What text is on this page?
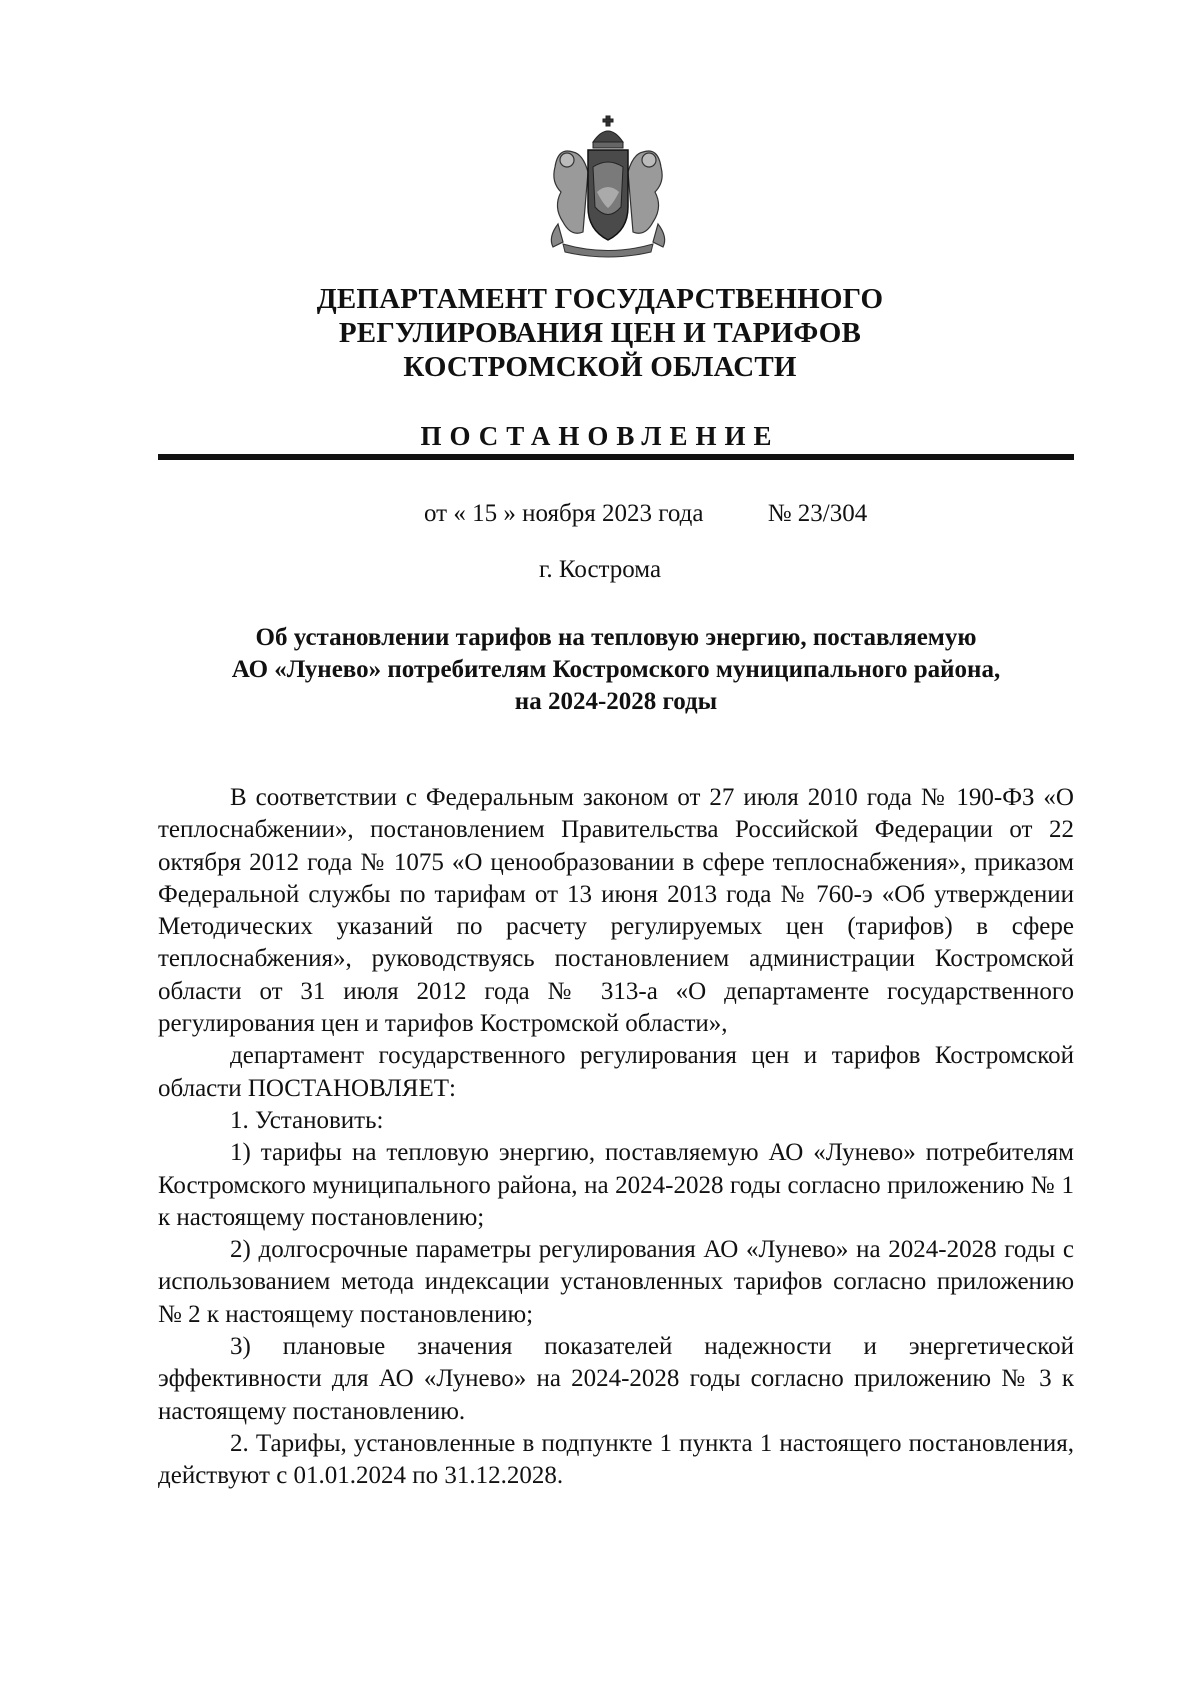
ДЕПАРТАМЕНТ ГОСУДАРСТВЕННОГО
РЕГУЛИРОВАНИЯ ЦЕН И ТАРИФОВ
КОСТРОМСКОЙ ОБЛАСТИ
ПОСТАНОВЛЕНИЕ
от « 15 » ноября 2023 года	№ 23/304
г. Кострома
Об установлении тарифов на тепловую энергию, поставляемую
АО «Лунево» потребителям Костромского муниципального района,
на 2024-2028 годы

В соответствии с Федеральным законом от 27 июля 2010 года № 190-ФЗ «О теплоснабжении», постановлением Правительства Российской Федерации от 22 октября 2012 года № 1075 «О ценообразовании в сфере теплоснабжения», приказом Федеральной службы по тарифам от 13 июня 2013 года № 760-э «Об утверждении Методических указаний по расчету регулируемых цен (тарифов) в сфере теплоснабжения», руководствуясь постановлением администрации Костромской области от 31 июля 2012 года № 313-а «О департаменте государственного регулирования цен и тарифов Костромской области»,

департамент государственного регулирования цен и тарифов Костромской области ПОСТАНОВЛЯЕТ:

1. Установить:

1) тарифы на тепловую энергию, поставляемую АО «Лунево» потребителям Костромского муниципального района, на 2024-2028 годы согласно приложению № 1 к настоящему постановлению;

2) долгосрочные параметры регулирования АО «Лунево» на 2024-2028 годы с использованием метода индексации установленных тарифов согласно приложению № 2 к настоящему постановлению;

3) плановые значения показателей надежности и энергетической эффективности для АО «Лунево» на 2024-2028 годы согласно приложению № 3 к настоящему постановлению.

2. Тарифы, установленные в подпункте 1 пункта 1 настоящего постановления, действуют с 01.01.2024 по 31.12.2028.
